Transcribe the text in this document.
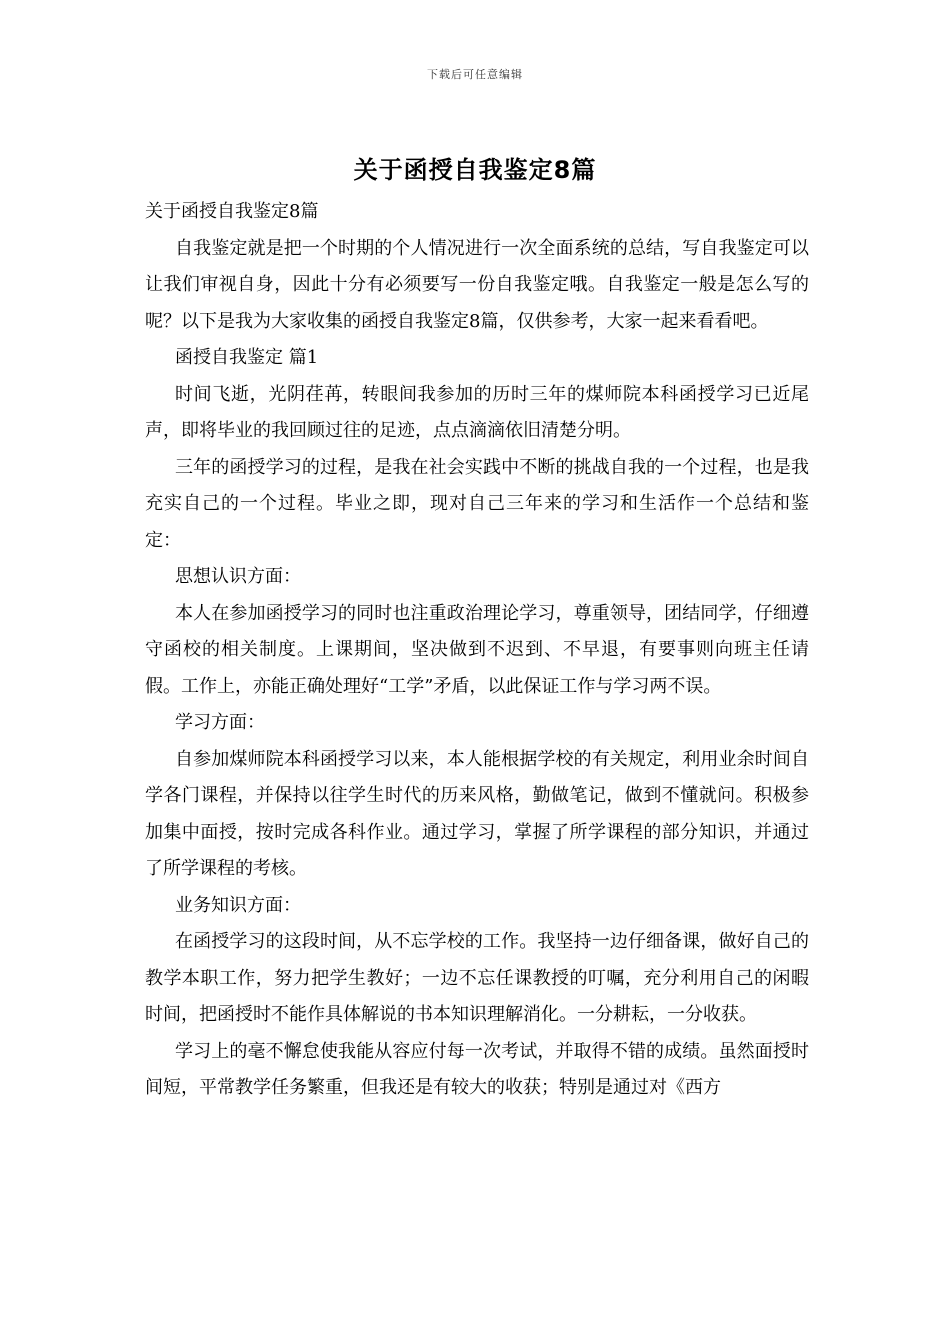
下载后可任意编辑
关于函授自我鉴定8篇

关于函授自我鉴定8篇

自我鉴定就是把一个时期的个人情况进行一次全面系统的总结，写自我鉴定可以让我们审视自身，因此十分有必须要写一份自我鉴定哦。自我鉴定一般是怎么写的呢？以下是我为大家收集的函授自我鉴定8篇，仅供参考，大家一起来看看吧。

函授自我鉴定 篇1

时间飞逝，光阴荏苒，转眼间我参加的历时三年的煤师院本科函授学习已近尾声，即将毕业的我回顾过往的足迹，点点滴滴依旧清楚分明。

三年的函授学习的过程，是我在社会实践中不断的挑战自我的一个过程，也是我充实自己的一个过程。毕业之即，现对自己三年来的学习和生活作一个总结和鉴定：

思想认识方面：

本人在参加函授学习的同时也注重政治理论学习，尊重领导，团结同学，仔细遵守函校的相关制度。上课期间，坚决做到不迟到、不早退，有要事则向班主任请假。工作上，亦能正确处理好“工学”矛盾，以此保证工作与学习两不误。

学习方面：

自参加煤师院本科函授学习以来，本人能根据学校的有关规定，利用业余时间自学各门课程，并保持以往学生时代的历来风格，勤做笔记，做到不懂就问。积极参加集中面授，按时完成各科作业。通过学习，掌握了所学课程的部分知识，并通过了所学课程的考核。

业务知识方面：

在函授学习的这段时间，从不忘学校的工作。我坚持一边仔细备课，做好自己的教学本职工作，努力把学生教好；一边不忘任课教授的叮嘱，充分利用自己的闲暇时间，把函授时不能作具体解说的书本知识理解消化。一分耕耘，一分收获。

学习上的毫不懈怠使我能从容应付每一次考试，并取得不错的成绩。虽然面授时间短，平常教学任务繁重，但我还是有较大的收获；特别是通过对《西方
